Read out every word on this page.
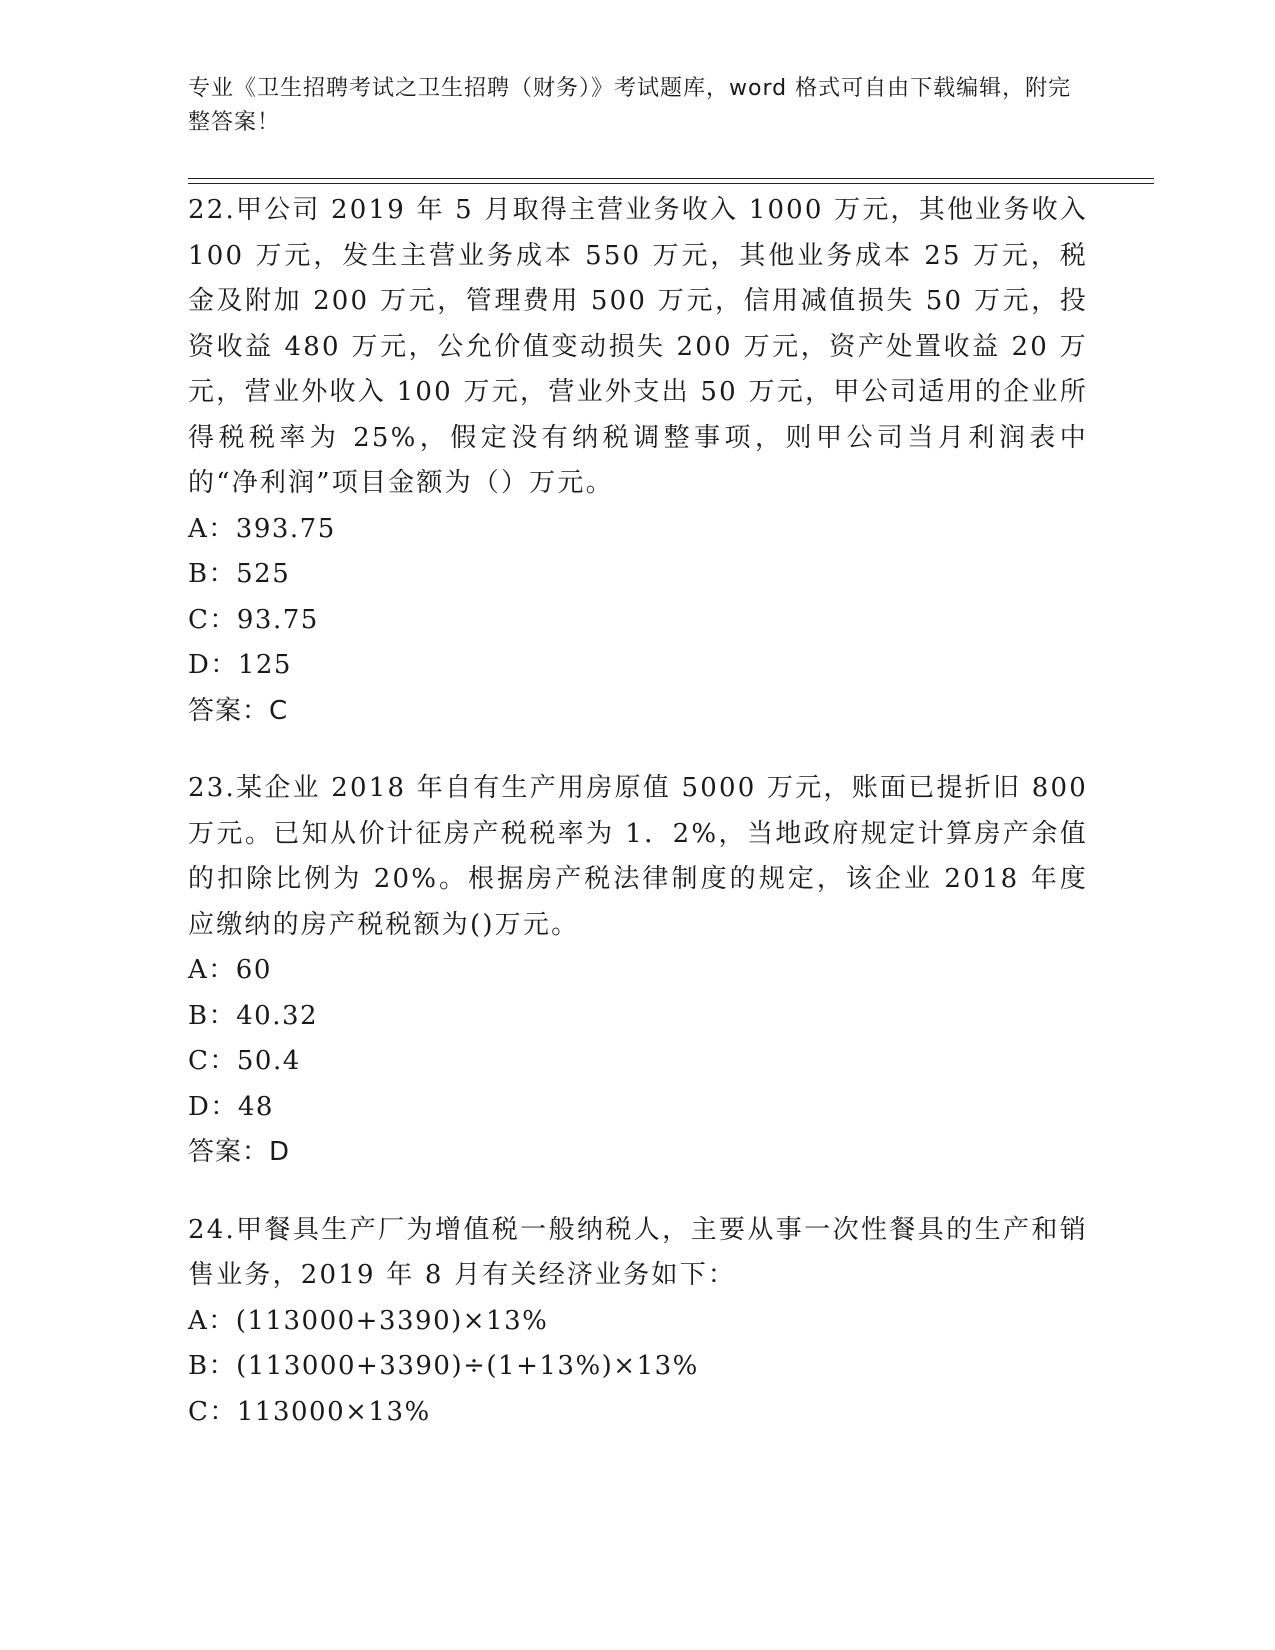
专业《卫生招聘考试之卫生招聘（财务）》考试题库，word 格式可自由下载编辑，附完整答案！

22.甲公司 2019 年 5 月取得主营业务收入 1000 万元，其他业务收入 100 万元，发生主营业务成本 550 万元，其他业务成本 25 万元，税金及附加 200 万元，管理费用 500 万元，信用减值损失 50 万元，投资收益 480 万元，公允价值变动损失 200 万元，资产处置收益 20 万元，营业外收入 100 万元，营业外支出 50 万元，甲公司适用的企业所得税税率为 25%，假定没有纳税调整事项，则甲公司当月利润表中的“净利润”项目金额为（）万元。

A：393.75

B：525

C：93.75

D：125

答案：C

23.某企业 2018 年自有生产用房原值 5000 万元，账面已提折旧 800 万元。已知从价计征房产税税率为 1．2%，当地政府规定计算房产余值的扣除比例为 20%。根据房产税法律制度的规定，该企业 2018 年度应缴纳的房产税税额为()万元。

A：60

B：40.32

C：50.4

D：48

答案：D

24.甲餐具生产厂为增值税一般纳税人，主要从事一次性餐具的生产和销售业务，2019 年 8 月有关经济业务如下：

A：(113000+3390)×13%

B：(113000+3390)÷(1+13%)×13%

C：113000×13%
